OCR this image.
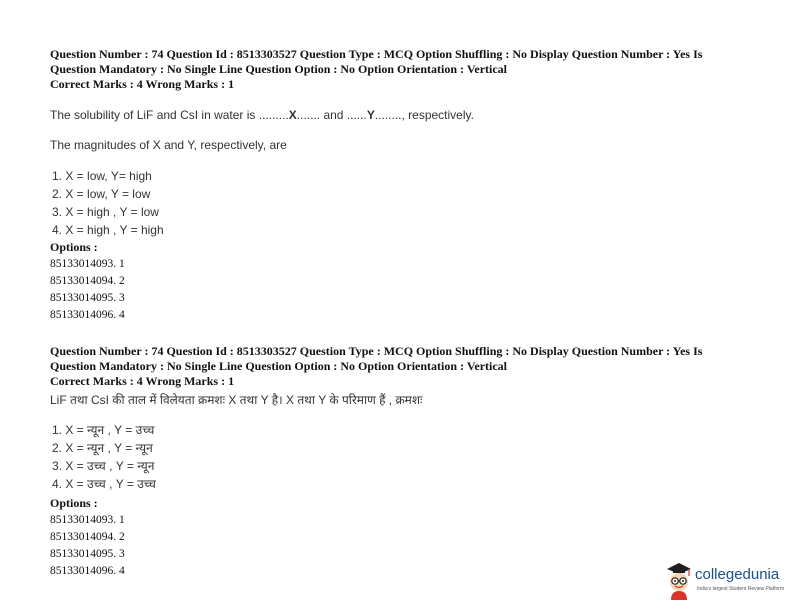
Question Number : 74 Question Id : 8513303527 Question Type : MCQ Option Shuffling : No Display Question Number : Yes Is
Question Mandatory : No Single Line Question Option : No Option Orientation : Vertical
Correct Marks : 4 Wrong Marks : 1
The solubility of LiF and CsI in water is .........X....... and ......Y........, respectively.
The magnitudes of X and Y, respectively, are
1. X = low, Y= high
2. X = low, Y = low
3. X = high , Y = low
4. X = high , Y = high
Options :
85133014093. 1
85133014094. 2
85133014095. 3
85133014096. 4
Question Number : 74 Question Id : 8513303527 Question Type : MCQ Option Shuffling : No Display Question Number : Yes Is
Question Mandatory : No Single Line Question Option : No Option Orientation : Vertical
Correct Marks : 4 Wrong Marks : 1
LiF तथा CsI की ताल में विलेयता क्रमशः X तथा Y है। X तथा Y के परिमाण हैं , क्रमशः
1. X = न्यून , Y = उच्च
2. X = न्यून , Y = न्यून
3. X = उच्च , Y = न्यून
4. X = उच्च , Y = उच्च
Options :
85133014093. 1
85133014094. 2
85133014095. 3
85133014096. 4	collegedunia
India's largest Student Review Platform
